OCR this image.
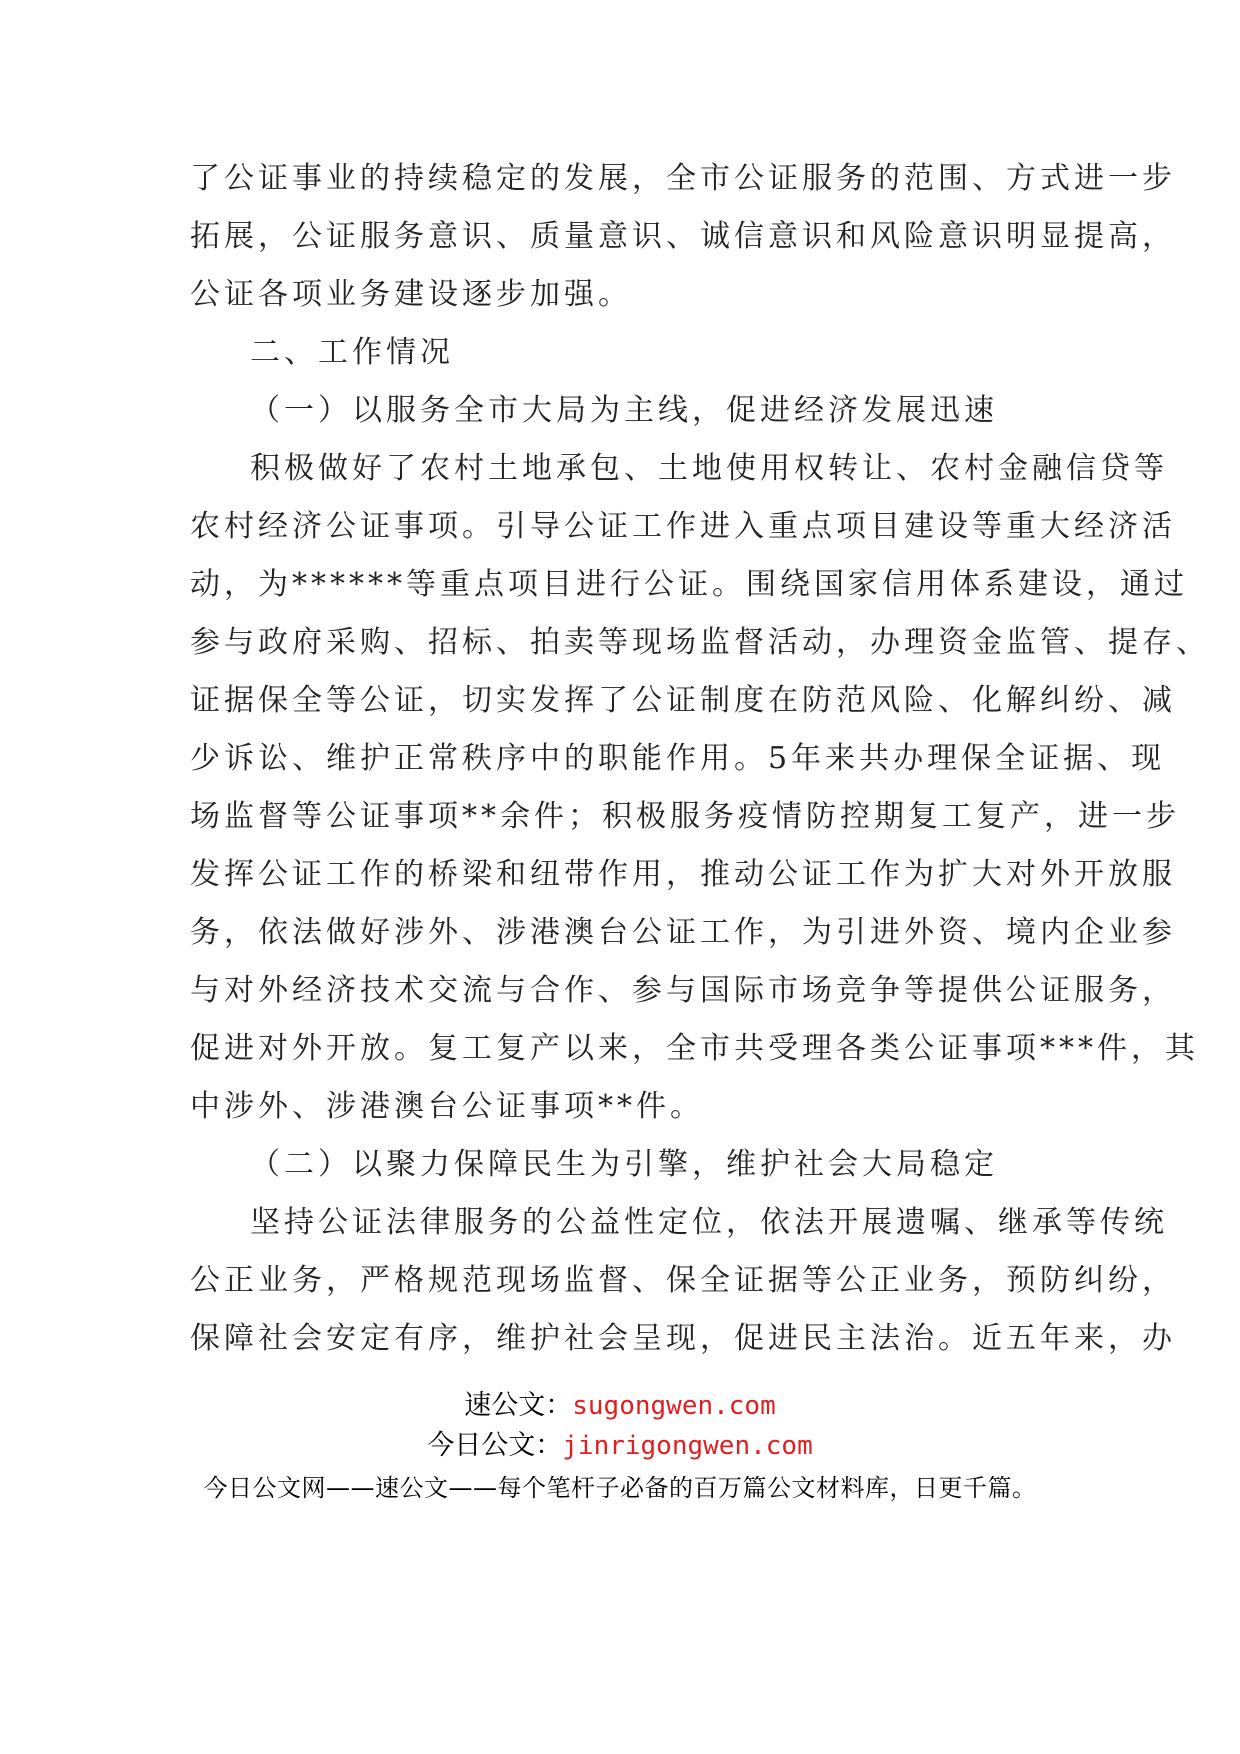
了公证事业的持续稳定的发展，全市公证服务的范围、方式进一步
拓展，公证服务意识、质量意识、诚信意识和风险意识明显提高，
公证各项业务建设逐步加强。
二、工作情况
（一）以服务全市大局为主线，促进经济发展迅速
积极做好了农村土地承包、土地使用权转让、农村金融信贷等
农村经济公证事项。引导公证工作进入重点项目建设等重大经济活
动，为******等重点项目进行公证。围绕国家信用体系建设，通过
参与政府采购、招标、拍卖等现场监督活动，办理资金监管、提存、
证据保全等公证，切实发挥了公证制度在防范风险、化解纠纷、减
少诉讼、维护正常秩序中的职能作用。5年来共办理保全证据、现
场监督等公证事项**余件；积极服务疫情防控期复工复产，进一步
发挥公证工作的桥梁和纽带作用，推动公证工作为扩大对外开放服
务，依法做好涉外、涉港澳台公证工作，为引进外资、境内企业参
与对外经济技术交流与合作、参与国际市场竞争等提供公证服务，
促进对外开放。复工复产以来，全市共受理各类公证事项***件，其
中涉外、涉港澳台公证事项**件。
（二）以聚力保障民生为引擎，维护社会大局稳定
坚持公证法律服务的公益性定位，依法开展遗嘱、继承等传统
公正业务，严格规范现场监督、保全证据等公正业务，预防纠纷，
保障社会安定有序，维护社会呈现，促进民主法治。近五年来，办
速公文：sugongwen.com
今日公文：jinrigongwen.com
今日公文网——速公文——每个笔杆子必备的百万篇公文材料库，日更千篇。
